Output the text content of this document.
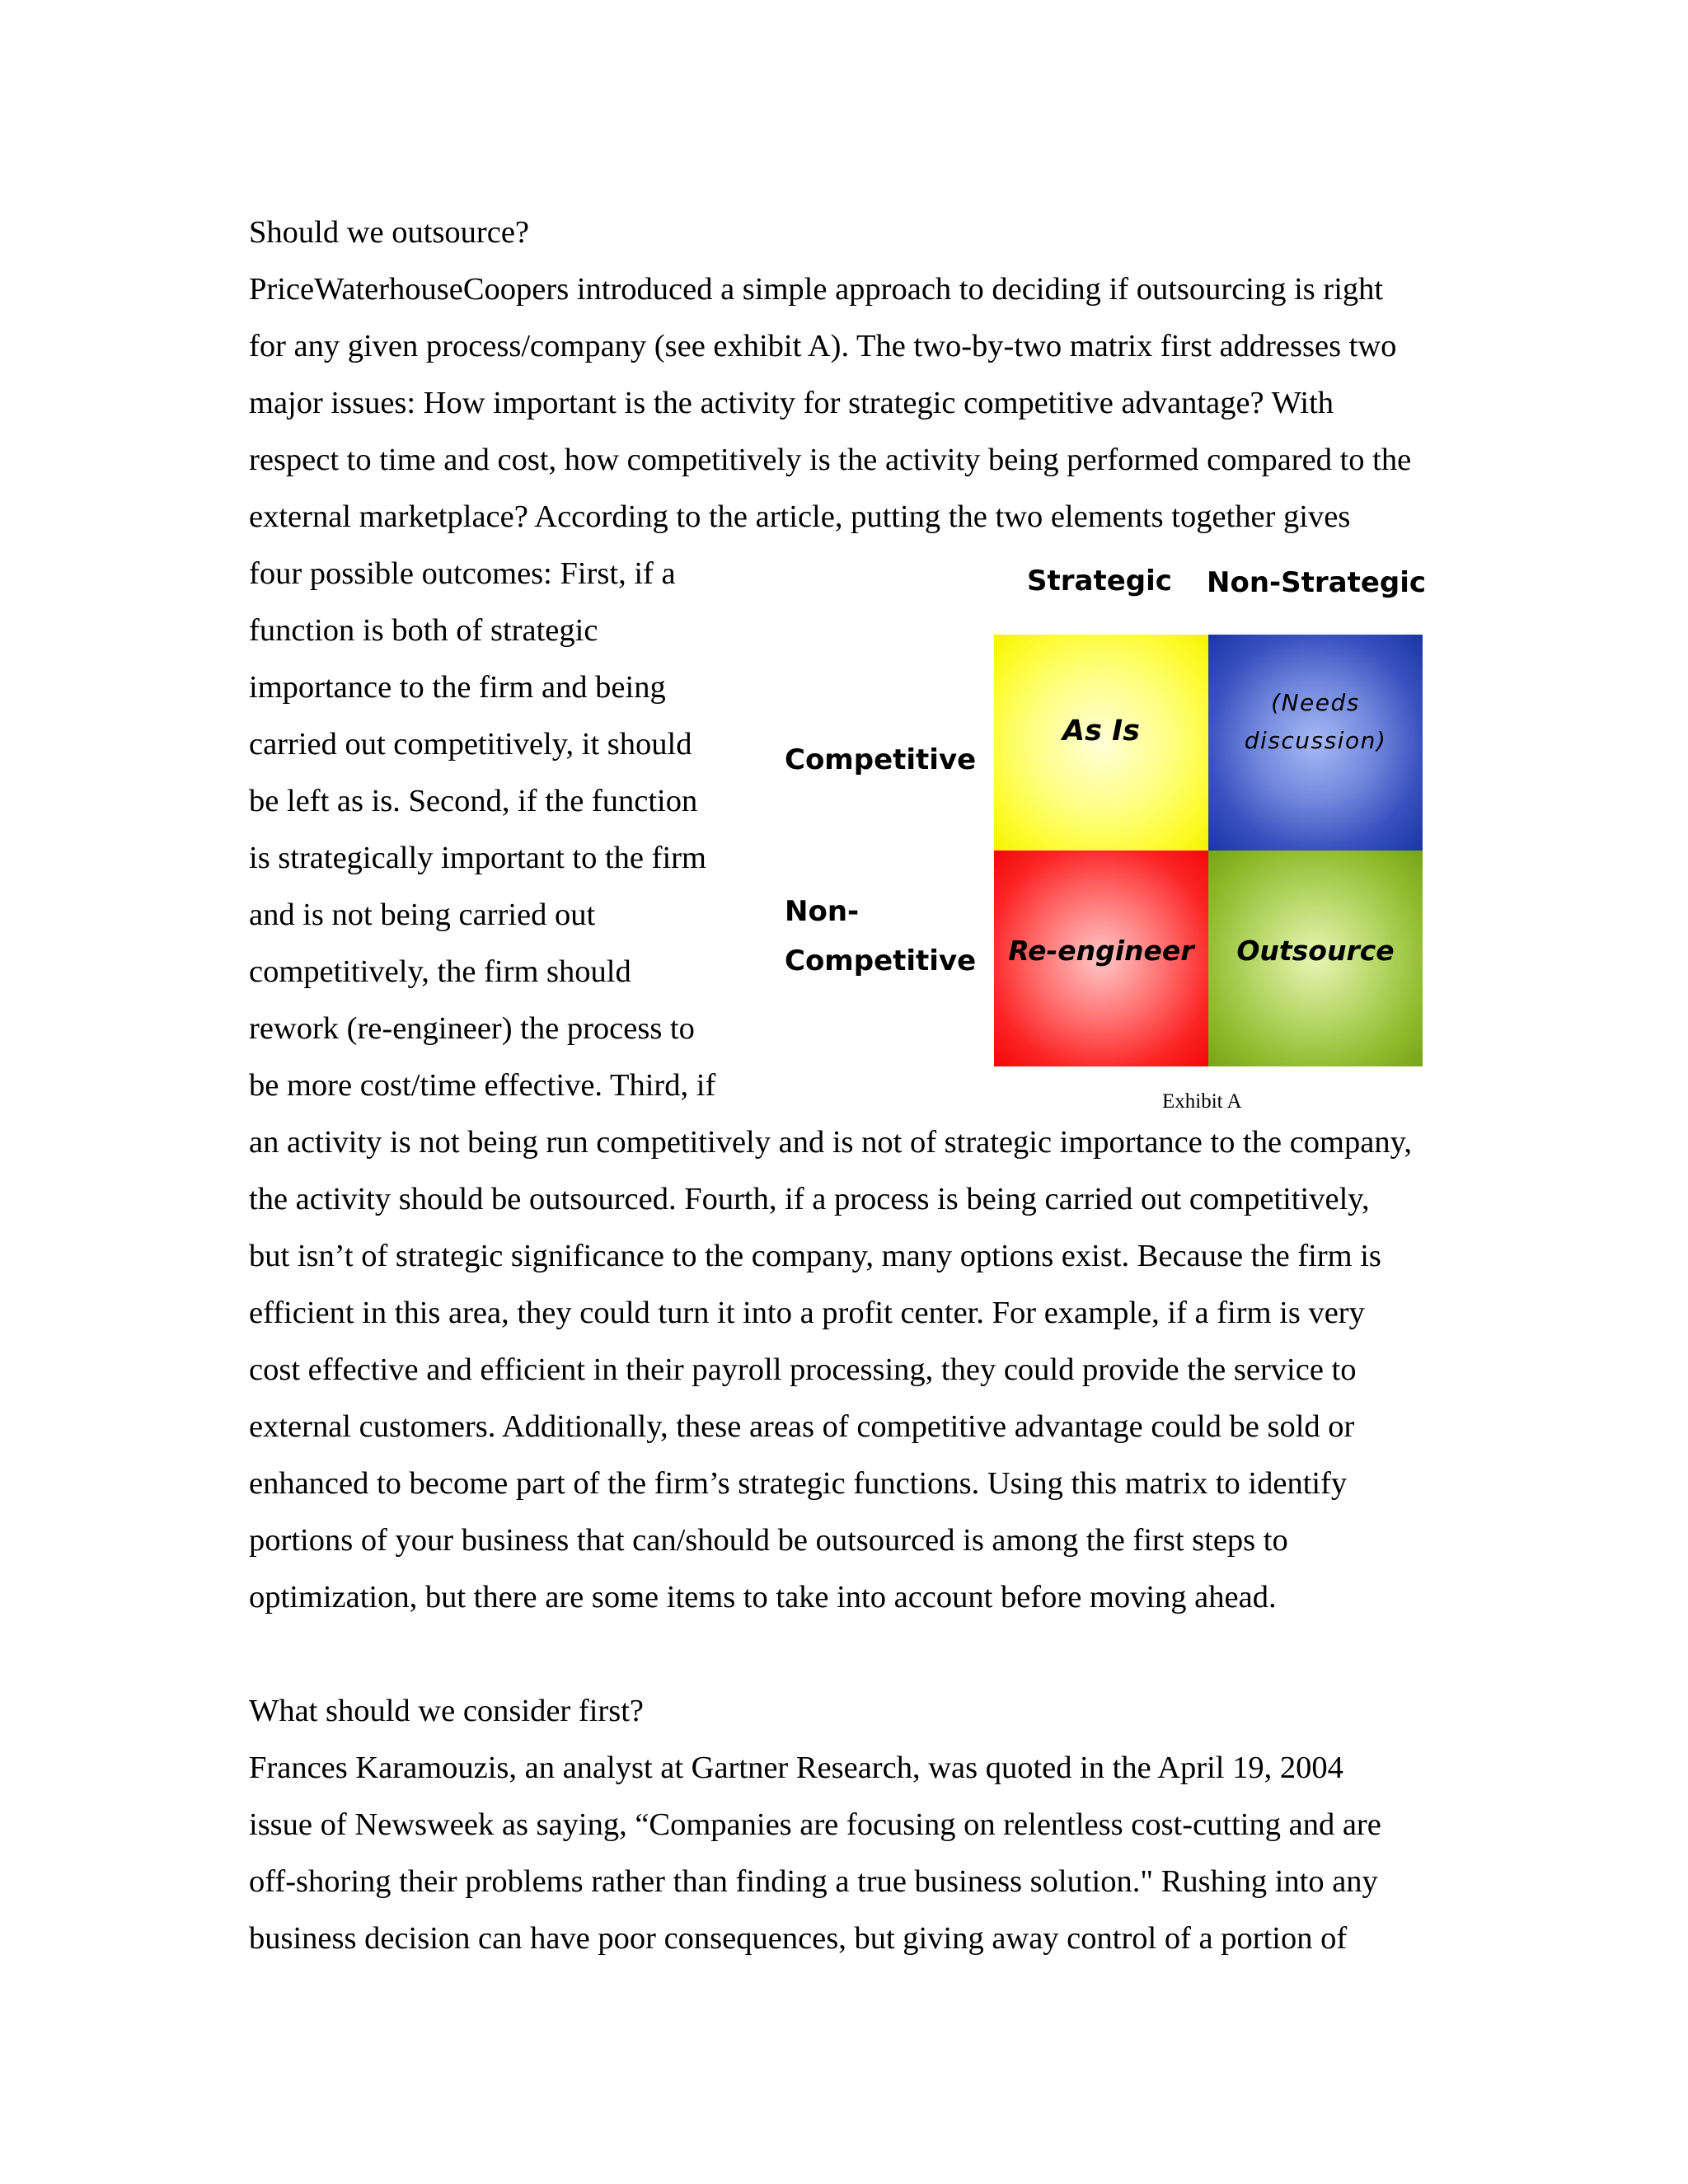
Should we outsource?
PriceWaterhouseCoopers introduced a simple approach to deciding if outsourcing is right
for any given process/company (see exhibit A). The two-by-two matrix first addresses two
major issues: How important is the activity for strategic competitive advantage? With
respect to time and cost, how competitively is the activity being performed compared to the
external marketplace? According to the article, putting the two elements together gives
four possible outcomes: First, if a
function is both of strategic
importance to the firm and being
carried out competitively, it should
be left as is. Second, if the function
is strategically important to the firm
and is not being carried out
competitively, the firm should
rework (re-engineer) the process to
be more cost/time effective. Third, if
an activity is not being run competitively and is not of strategic importance to the company,
the activity should be outsourced. Fourth, if a process is being carried out competitively,
but isn’t of strategic significance to the company, many options exist. Because the firm is
efficient in this area, they could turn it into a profit center. For example, if a firm is very
cost effective and efficient in their payroll processing, they could provide the service to
external customers. Additionally, these areas of competitive advantage could be sold or
enhanced to become part of the firm’s strategic functions. Using this matrix to identify
portions of your business that can/should be outsourced is among the first steps to
optimization, but there are some items to take into account before moving ahead.
What should we consider first?
Frances Karamouzis, an analyst at Gartner Research, was quoted in the April 19, 2004
issue of Newsweek as saying, “Companies are focusing on relentless cost-cutting and are
off-shoring their problems rather than finding a true business solution." Rushing into any
business decision can have poor consequences, but giving away control of a portion of
Strategic Non-Strategic
Competitive
Non-
Competitive
As Is
(Needs
discussion)
Re-engineer Outsource
Exhibit A
